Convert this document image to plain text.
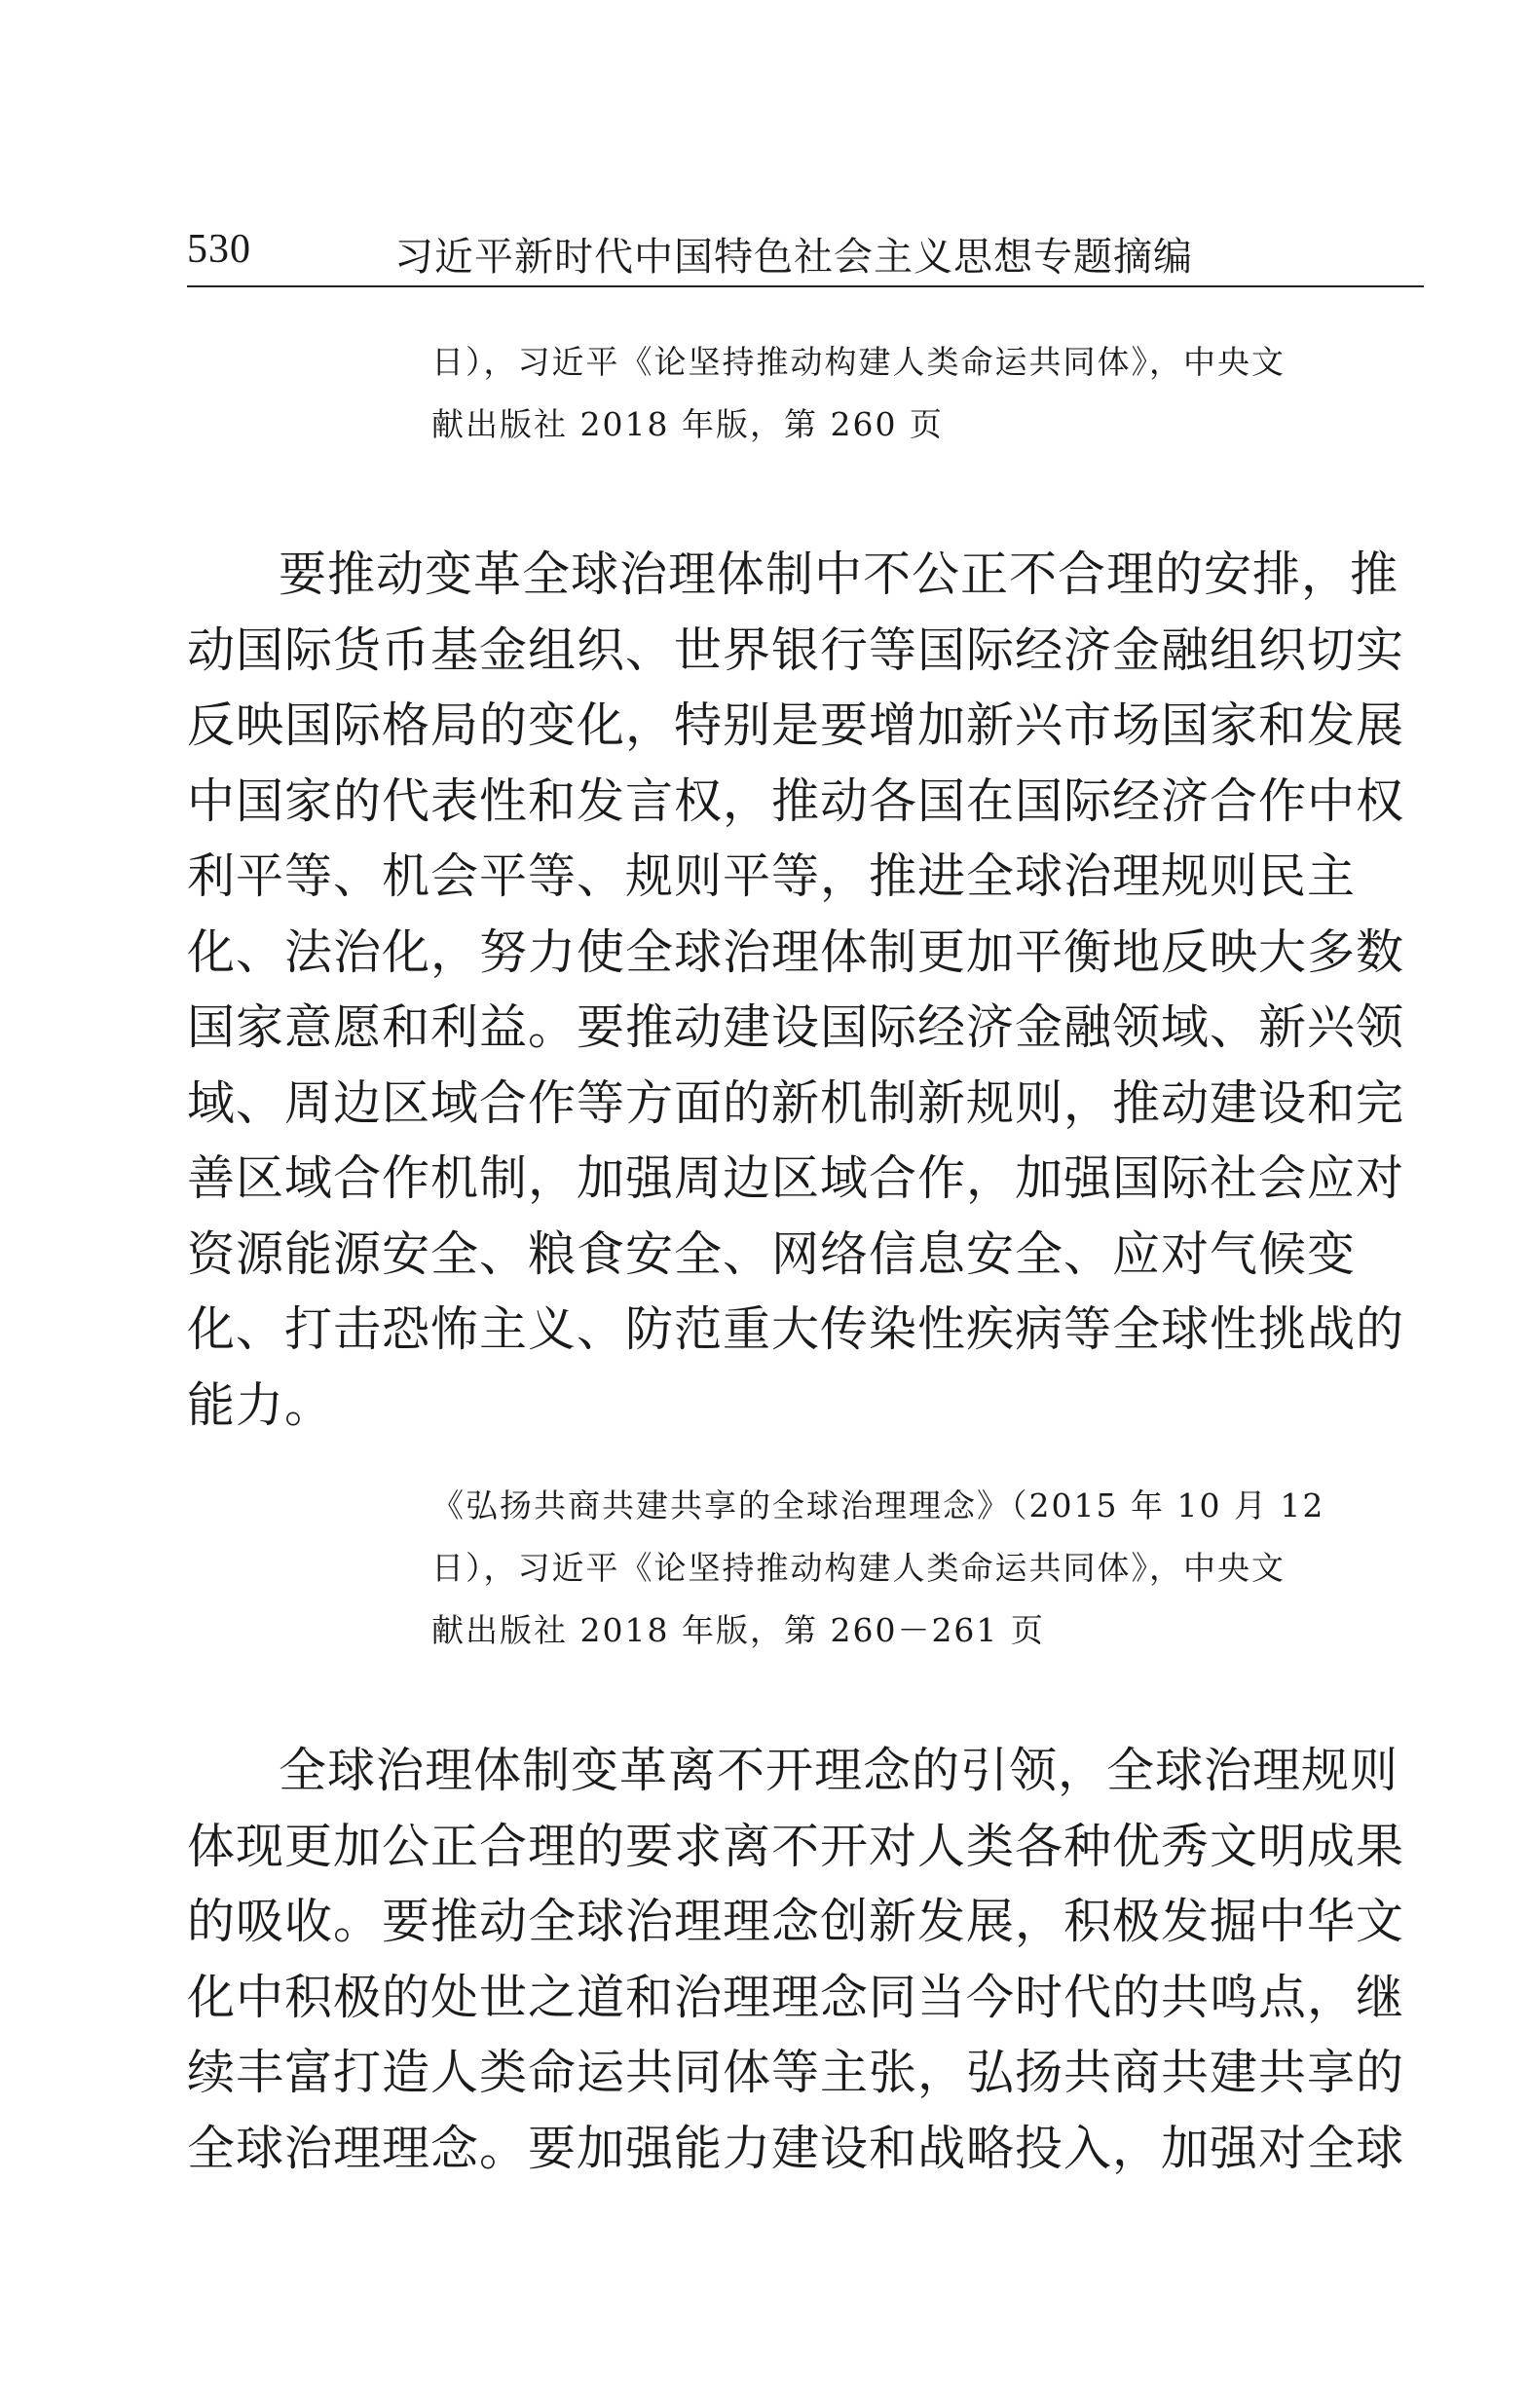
530	习近平新时代中国特色社会主义思想专题摘编

日），习近平《论坚持推动构建人类命运共同体》，中央文

献出版社 2018 年版，第 260 页

要推动变革全球治理体制中不公正不合理的安排，推

动国际货币基金组织、世界银行等国际经济金融组织切实

反映国际格局的变化，特别是要增加新兴市场国家和发展

中国家的代表性和发言权，推动各国在国际经济合作中权

利平等、机会平等、规则平等，推进全球治理规则民主

化、法治化，努力使全球治理体制更加平衡地反映大多数

国家意愿和利益。要推动建设国际经济金融领域、新兴领

域、周边区域合作等方面的新机制新规则，推动建设和完

善区域合作机制，加强周边区域合作，加强国际社会应对

资源能源安全、粮食安全、网络信息安全、应对气候变

化、打击恐怖主义、防范重大传染性疾病等全球性挑战的

能力。

《弘扬共商共建共享的全球治理理念》（2015 年 10 月 12

日），习近平《论坚持推动构建人类命运共同体》，中央文

献出版社 2018 年版，第 260－261 页

全球治理体制变革离不开理念的引领，全球治理规则

体现更加公正合理的要求离不开对人类各种优秀文明成果

的吸收。要推动全球治理理念创新发展，积极发掘中华文

化中积极的处世之道和治理理念同当今时代的共鸣点，继

续丰富打造人类命运共同体等主张，弘扬共商共建共享的

全球治理理念。要加强能力建设和战略投入，加强对全球
